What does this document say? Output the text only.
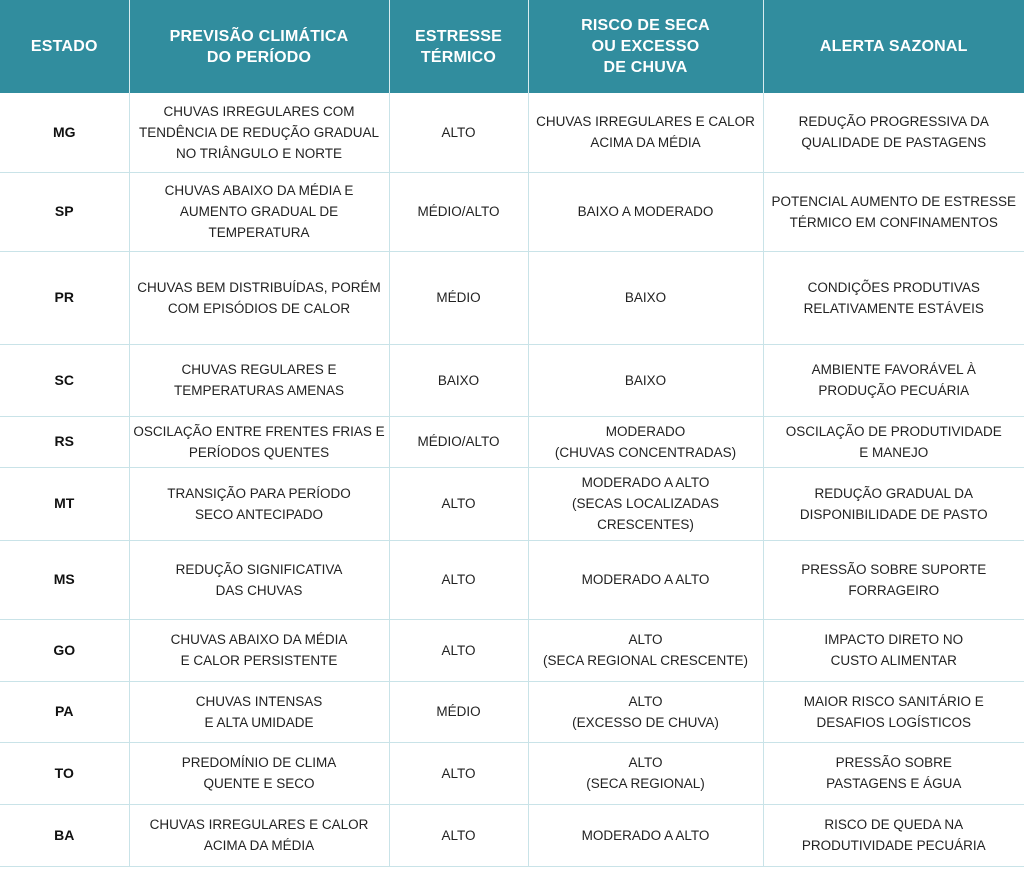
ESTADO	PREVISÃO CLIMÁTICA
DO PERÍODO	ESTRESSE
TÉRMICO	RISCO DE SECA
OU EXCESSO
DE CHUVA	ALERTA SAZONAL

MG	CHUVAS IRREGULARES COM
TENDÊNCIA DE REDUÇÃO GRADUAL
NO TRIÂNGULO E NORTE	ALTO	CHUVAS IRREGULARES E CALOR
ACIMA DA MÉDIA	REDUÇÃO PROGRESSIVA DA
QUALIDADE DE PASTAGENS

SP	CHUVAS ABAIXO DA MÉDIA E
AUMENTO GRADUAL DE
TEMPERATURA	MÉDIO/ALTO	BAIXO A MODERADO	POTENCIAL AUMENTO DE ESTRESSE
TÉRMICO EM CONFINAMENTOS

PR	CHUVAS BEM DISTRIBUÍDAS, PORÉM
COM EPISÓDIOS DE CALOR	MÉDIO	BAIXO	CONDIÇÕES PRODUTIVAS
RELATIVAMENTE ESTÁVEIS

SC	CHUVAS REGULARES E
TEMPERATURAS AMENAS	BAIXO	BAIXO	AMBIENTE FAVORÁVEL À
PRODUÇÃO PECUÁRIA

RS	OSCILAÇÃO ENTRE FRENTES FRIAS E
PERÍODOS QUENTES	MÉDIO/ALTO	MODERADO
(CHUVAS CONCENTRADAS)	OSCILAÇÃO DE PRODUTIVIDADE
E MANEJO

MT	TRANSIÇÃO PARA PERÍODO
SECO ANTECIPADO	ALTO	MODERADO A ALTO
(SECAS LOCALIZADAS
CRESCENTES)	REDUÇÃO GRADUAL DA
DISPONIBILIDADE DE PASTO

MS	REDUÇÃO SIGNIFICATIVA
DAS CHUVAS	ALTO	MODERADO A ALTO	PRESSÃO SOBRE SUPORTE
FORRAGEIRO

GO	CHUVAS ABAIXO DA MÉDIA
E CALOR PERSISTENTE	ALTO	ALTO
(SECA REGIONAL CRESCENTE)	IMPACTO DIRETO NO
CUSTO ALIMENTAR

PA	CHUVAS INTENSAS
E ALTA UMIDADE	MÉDIO	ALTO
(EXCESSO DE CHUVA)	MAIOR RISCO SANITÁRIO E
DESAFIOS LOGÍSTICOS

TO	PREDOMÍNIO DE CLIMA
QUENTE E SECO	ALTO	ALTO
(SECA REGIONAL)	PRESSÃO SOBRE
PASTAGENS E ÁGUA

BA	CHUVAS IRREGULARES E CALOR
ACIMA DA MÉDIA	ALTO	MODERADO A ALTO	RISCO DE QUEDA NA
PRODUTIVIDADE PECUÁRIA
